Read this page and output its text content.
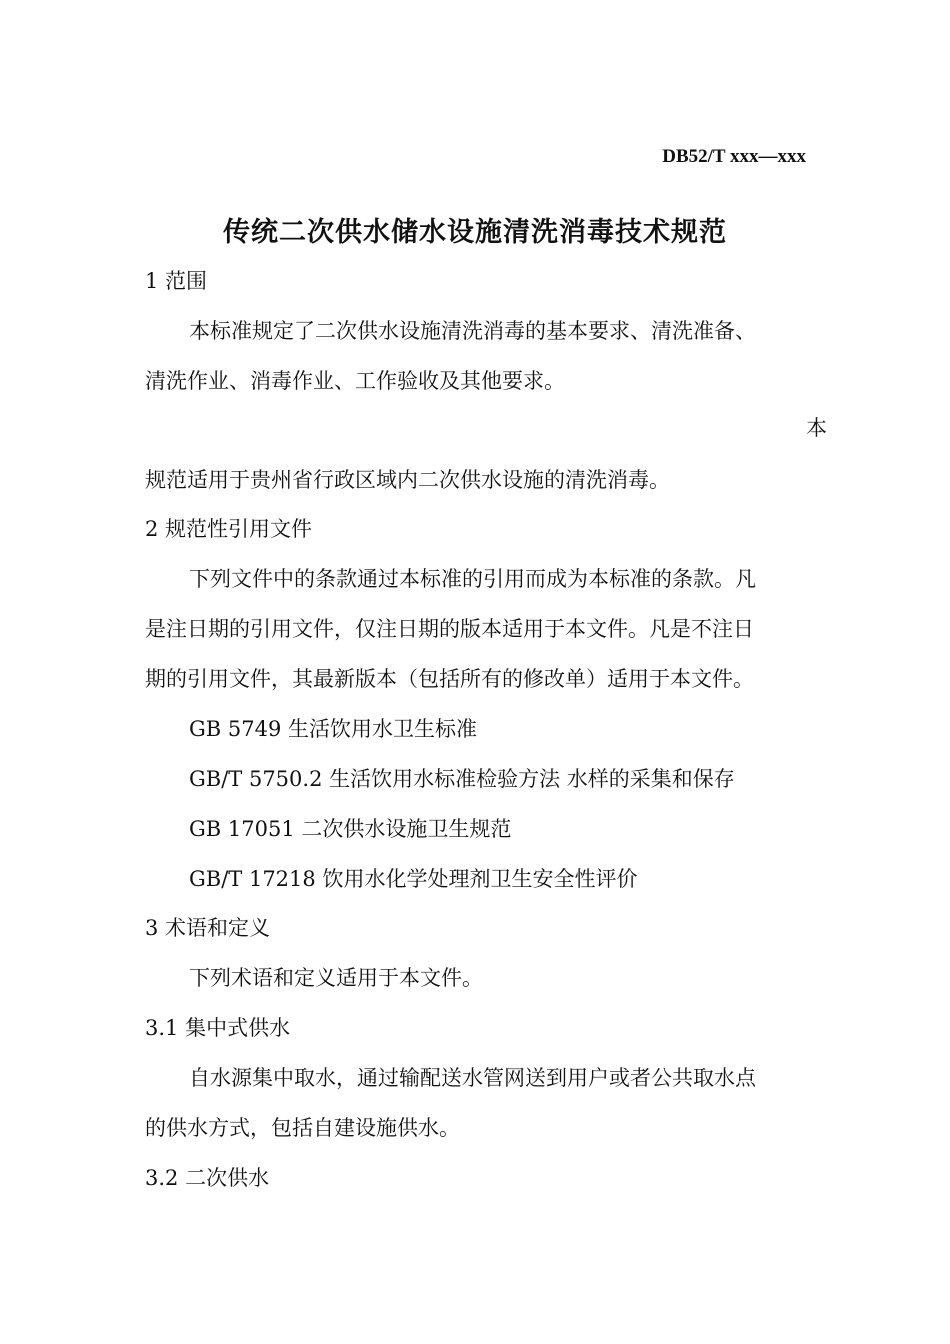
DB52/T xxx—xxx
传统二次供水储水设施清洗消毒技术规范
1 范围
本标准规定了二次供水设施清洗消毒的基本要求、清洗准备、
清洗作业、消毒作业、工作验收及其他要求。
本
规范适用于贵州省行政区域内二次供水设施的清洗消毒。
2 规范性引用文件
下列文件中的条款通过本标准的引用而成为本标准的条款。凡
是注日期的引用文件，仅注日期的版本适用于本文件。凡是不注日
期的引用文件，其最新版本（包括所有的修改单）适用于本文件。
GB 5749 生活饮用水卫生标准
GB/T 5750.2 生活饮用水标准检验方法 水样的采集和保存
GB 17051 二次供水设施卫生规范
GB/T 17218 饮用水化学处理剂卫生安全性评价
3 术语和定义
下列术语和定义适用于本文件。
3.1 集中式供水
自水源集中取水，通过输配送水管网送到用户或者公共取水点
的供水方式，包括自建设施供水。
3.2 二次供水
